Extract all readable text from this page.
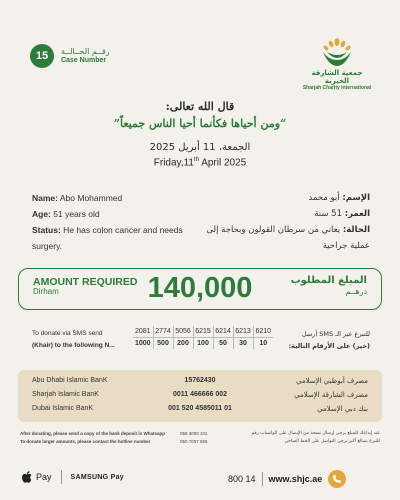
15	رقــم الحــالــة
Case Number
جمعية الشارقة الخيرية
Sharjah Charity International
قال الله تعالى:
“ومن أحياها فكأنما أحيا الناس جميعاً”
الجمعة، 11 أبريل 2025
Friday,11th April 2025
Name: Abo Mohammed
Age: 51 years old
Status: He has colon cancer and needs surgery.
الإسم: أبو محمد
العمر: 51 سنة
الحالة: يعاني من سرطان القولون وبحاجة إلى عملية جراحية
AMOUNT REQUIRED
Dirham	140,000	المبلغ المطلوب
درهــم
To donate via SMS send
(Khair) to the following N...
2081	2774	5056	6215	6214	6213	6210
1000	500	200	100	50	30	10
للتبرع عبر الـ SMS أرسل
(خير) على الأرقام التالية:
Abu Dhabi Islamic BanK	15762430	مصرف أبوظبي الإسلامي
Sharjah Islamic BanK	0011 466666 002	مصرف الشارقة الإسلامي
Dubai Islamic BanK	001 520 4585011 01	بنك دبي الإسلامي
After donating, please send a copy of the bank deposit in Whatsapp
To donate larger amounts, please contact the hotline number
055 3000 101
050 7007 555
عند إيداعك للمبلغ يرجى إرسال نسخة من الإيصال على الواتساب رقم
للتبرع بمبالغ أكبر يرجى التواصل على الخط الساخن
Pay	SAMSUNG Pay	800 14 www.shjc.ae
